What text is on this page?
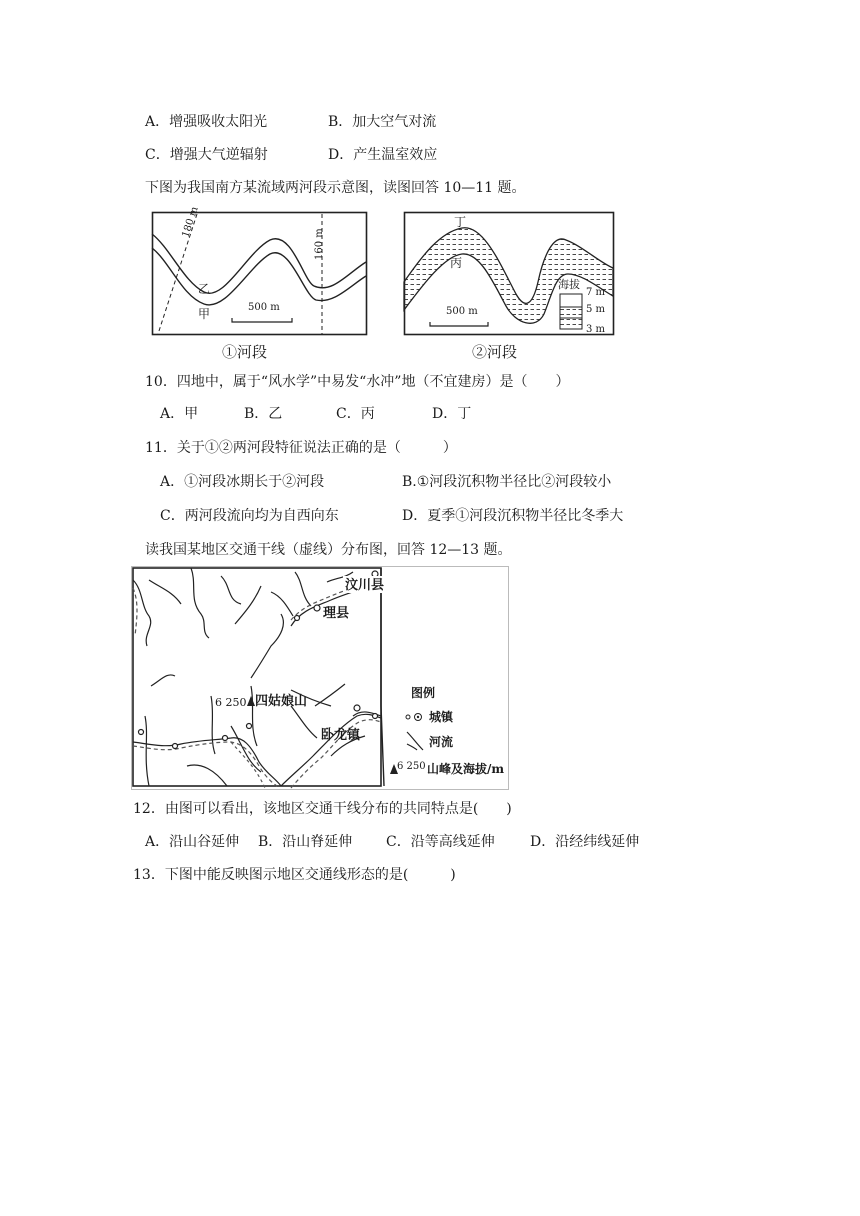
A．增强吸收太阳光	B．加大空气对流
C．增强大气逆辐射	D．产生温室效应
下图为我国南方某流域两河段示意图，读图回答 10—11 题。
180 m
160 m
乙
甲	500 m
①河段
丁
丙
500 m
海拔
7 m
5 m
3 m
②河段
10．四地中，属于“风水学”中易发“水冲”地（不宜建房）是（　　）
A．甲	B．乙	C．丙	D．丁
11．关于①②两河段特征说法正确的是（　　　）
A．①河段冰期长于②河段	B.①河段沉积物半径比②河段较小
C．两河段流向均为自西向东	D．夏季①河段沉积物半径比冬季大
读我国某地区交通干线（虚线）分布图，回答 12—13 题。
汶川县
理县
6 250 四姑娘山
卧龙镇
图例
城镇
河流
6 250 山峰及海拔/m
12．由图可以看出，该地区交通干线分布的共同特点是(　　)
A．沿山谷延伸 B．沿山脊延伸 C．沿等高线延伸	D．沿经纬线延伸
13．下图中能反映图示地区交通线形态的是(　　　)
